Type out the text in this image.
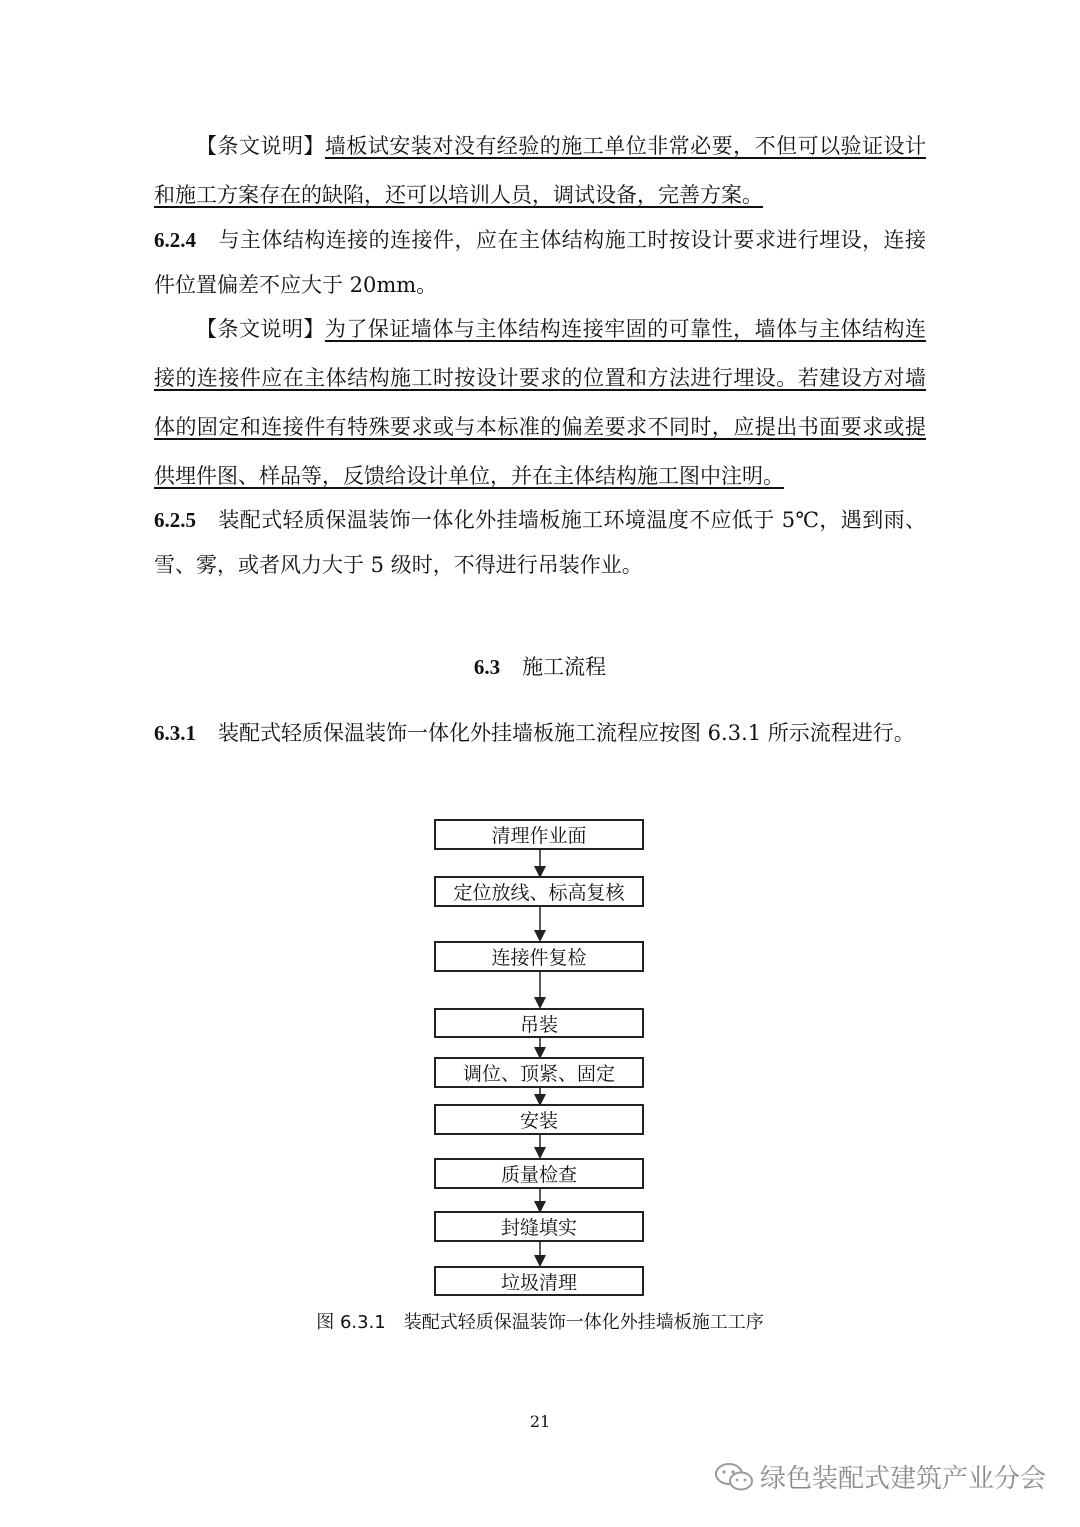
【条文说明】墙板试安装对没有经验的施工单位非常必要，不但可以验证设计和施工方案存在的缺陷，还可以培训人员，调试设备，完善方案。

6.2.4 与主体结构连接的连接件，应在主体结构施工时按设计要求进行埋设，连接件位置偏差不应大于 20mm。

【条文说明】为了保证墙体与主体结构连接牢固的可靠性，墙体与主体结构连接的连接件应在主体结构施工时按设计要求的位置和方法进行埋设。若建设方对墙体的固定和连接件有特殊要求或与本标准的偏差要求不同时，应提出书面要求或提供埋件图、样品等，反馈给设计单位，并在主体结构施工图中注明。

6.2.5 装配式轻质保温装饰一体化外挂墙板施工环境温度不应低于 5℃，遇到雨、雪、雾，或者风力大于 5 级时，不得进行吊装作业。

6.3 施工流程

6.3.1 装配式轻质保温装饰一体化外挂墙板施工流程应按图 6.3.1 所示流程进行。

清理作业面
定位放线、标高复核
连接件复检
吊装
调位、顶紧、固定
安装
质量检查
封缝填实
垃圾清理
图 6.3.1　装配式轻质保温装饰一体化外挂墙板施工工序
21
绿色装配式建筑产业分会
